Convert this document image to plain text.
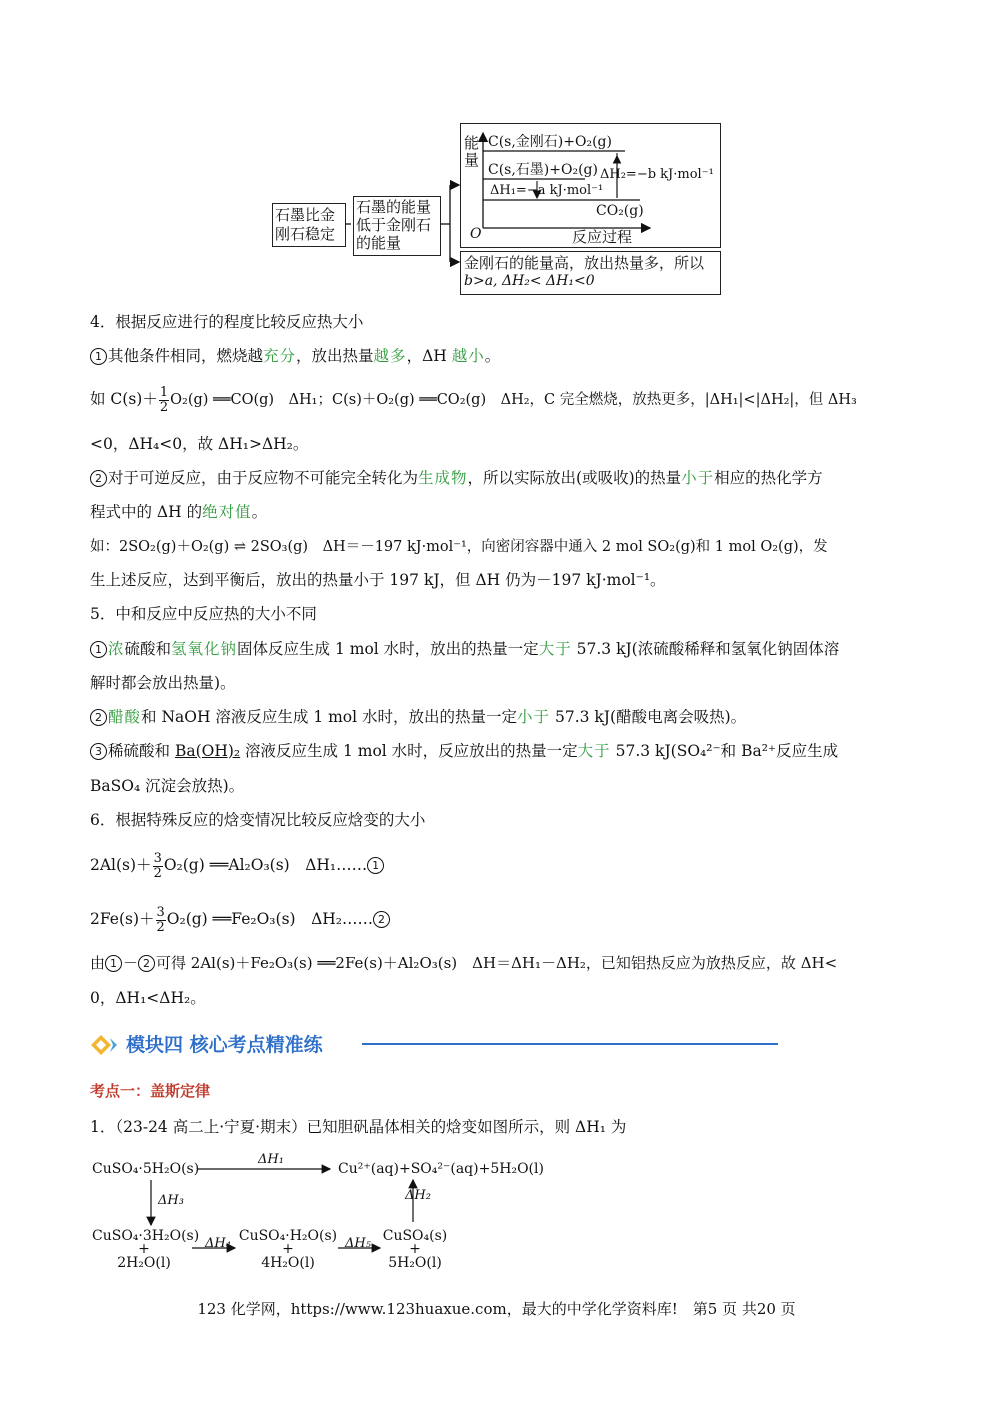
石墨比金
刚石稳定
石墨的能量
低于金刚石
的能量
金刚石的能量高，放出热量多，所以
b>a, ΔH₂< ΔH₁<0
能
量
C(s,金刚石)+O₂(g)
C(s,石墨)+O₂(g)
ΔH₁=−a kJ·mol⁻¹
ΔH₂=−b kJ·mol⁻¹
CO₂(g)
O	反应过程
4．根据反应进行的程度比较反应热大小
1 其他条件相同，燃烧越充分，放出热量越多，ΔH 越小。
如 $C(s)+ \frac{1}{2} O_2(g)$ ══CO(g)　ΔH₁；C(s)＋O₂(g) ══CO₂(g)　ΔH₂，C 完全燃烧，放热更多，|ΔH₁|<|ΔH₂|，但 ΔH₃
<0，ΔH₄<0，故 ΔH₁>ΔH₂。
2 对于可逆反应，由于反应物不可能完全转化为生成物，所以实际放出(或吸收)的热量小于相应的热化学方
程式中的 ΔH 的绝对值。
如：2SO₂(g)＋O₂(g) ⇌ 2SO₃(g)　ΔH＝－197 kJ·mol⁻¹，向密闭容器中通入 2 mol SO₂(g)和 1 mol O₂(g)，发
生上述反应，达到平衡后，放出的热量小于 197 kJ，但 ΔH 仍为－197 kJ·mol⁻¹。
5．中和反应中反应热的大小不同
1 浓硫酸和氢氧化钠固体反应生成 1 mol 水时，放出的热量一定大于 57.3 kJ(浓硫酸稀释和氢氧化钠固体溶
解时都会放出热量)。
2 醋酸和 NaOH 溶液反应生成 1 mol 水时，放出的热量一定小于 57.3 kJ(醋酸电离会吸热)。
3 稀硫酸和 Ba(OH)₂ 溶液反应生成 1 mol 水时，反应放出的热量一定大于 57.3 kJ(SO₄²⁻和 Ba²⁺反应生成
BaSO₄ 沉淀会放热)。
6．根据特殊反应的焓变情况比较反应焓变的大小
$2Al(s)+ \frac{3}{2} O_2(g)$ ══Al₂O₃(s)　ΔH₁…… 1
$2Fe(s)+ \frac{3}{2} O_2(g)$ ══Fe₂O₃(s)　ΔH₂…… 2
由 1 － 2 可得 2Al(s)＋Fe₂O₃(s) ══2Fe(s)＋Al₂O₃(s)　ΔH＝ΔH₁－ΔH₂，已知铝热反应为放热反应，故 ΔH<
0，ΔH₁<ΔH₂。
模块四 核心考点精准练
考点一：盖斯定律
1．（23-24 高二上·宁夏·期末）已知胆矾晶体相关的焓变如图所示，则 ΔH₁ 为
CuSO₄·5H₂O(s)
ΔH₁
Cu²⁺(aq)+SO₄²⁻(aq)+5H₂O(l)
ΔH₃	ΔH₂
CuSO₄·3H₂O(s)
+
2H₂O(l)
ΔH₄ CuSO₄·H₂O(s)
+
4H₂O(l)
ΔH₅ CuSO₄(s)
+
5H₂O(l)
123 化学网，https://www.123huaxue.com，最大的中学化学资料库!　第5 页 共20 页
